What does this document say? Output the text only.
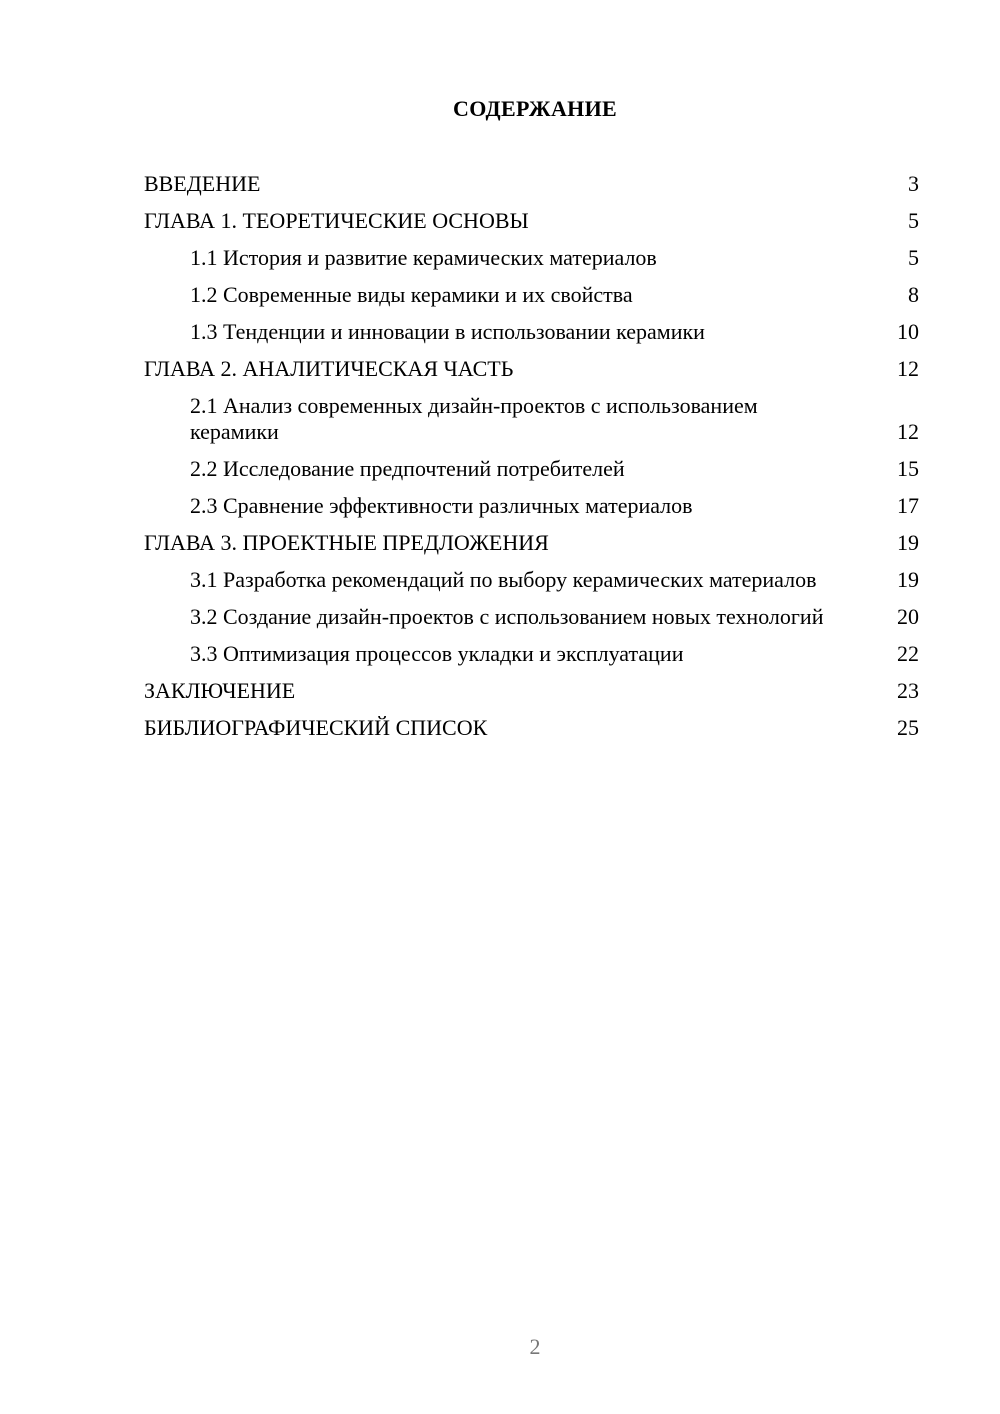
СОДЕРЖАНИЕ
ВВЕДЕНИЕ	3
ГЛАВА 1. ТЕОРЕТИЧЕСКИЕ ОСНОВЫ	5
1.1 История и развитие керамических материалов	5
1.2 Современные виды керамики и их свойства	8
1.3 Тенденции и инновации в использовании керамики	10
ГЛАВА 2. АНАЛИТИЧЕСКАЯ ЧАСТЬ	12
2.1 Анализ современных дизайн-проектов с использованием керамики	12
2.2 Исследование предпочтений потребителей	15
2.3 Сравнение эффективности различных материалов	17
ГЛАВА 3. ПРОЕКТНЫЕ ПРЕДЛОЖЕНИЯ	19
3.1 Разработка рекомендаций по выбору керамических материалов	19
3.2 Создание дизайн-проектов с использованием новых технологий	20
3.3 Оптимизация процессов укладки и эксплуатации	22
ЗАКЛЮЧЕНИЕ	23
БИБЛИОГРАФИЧЕСКИЙ СПИСОК	25
2
